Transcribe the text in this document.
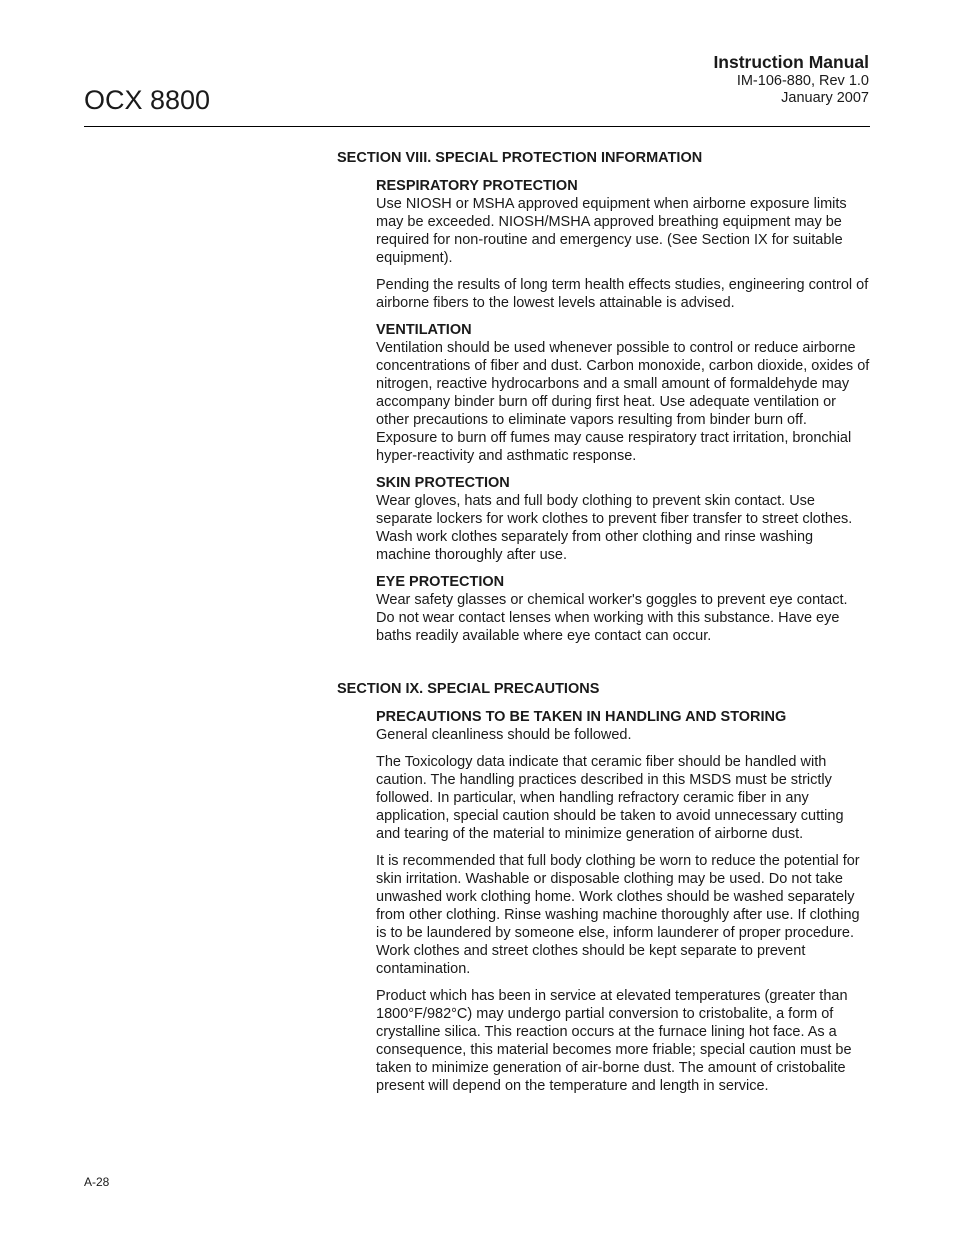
OCX 8800
Instruction Manual
IM-106-880, Rev 1.0
January 2007
SECTION VIII. SPECIAL PROTECTION INFORMATION
RESPIRATORY PROTECTION

Use NIOSH or MSHA approved equipment when airborne exposure limits may be exceeded. NIOSH/MSHA approved breathing equipment may be required for non-routine and emergency use. (See Section IX for suitable equipment).

Pending the results of long term health effects studies, engineering control of airborne fibers to the lowest levels attainable is advised.

VENTILATION

Ventilation should be used whenever possible to control or reduce airborne concentrations of fiber and dust. Carbon monoxide, carbon dioxide, oxides of nitrogen, reactive hydrocarbons and a small amount of formaldehyde may accompany binder burn off during first heat. Use adequate ventilation or other precautions to eliminate vapors resulting from binder burn off. Exposure to burn off fumes may cause respiratory tract irritation, bronchial hyper-reactivity and asthmatic response.

SKIN PROTECTION

Wear gloves, hats and full body clothing to prevent skin contact. Use separate lockers for work clothes to prevent fiber transfer to street clothes. Wash work clothes separately from other clothing and rinse washing machine thoroughly after use.

EYE PROTECTION

Wear safety glasses or chemical worker's goggles to prevent eye contact. Do not wear contact lenses when working with this substance. Have eye baths readily available where eye contact can occur.

SECTION IX. SPECIAL PRECAUTIONS
PRECAUTIONS TO BE TAKEN IN HANDLING AND STORING

General cleanliness should be followed.

The Toxicology data indicate that ceramic fiber should be handled with caution. The handling practices described in this MSDS must be strictly followed. In particular, when handling refractory ceramic fiber in any application, special caution should be taken to avoid unnecessary cutting and tearing of the material to minimize generation of airborne dust.

It is recommended that full body clothing be worn to reduce the potential for skin irritation. Washable or disposable clothing may be used. Do not take unwashed work clothing home. Work clothes should be washed separately from other clothing. Rinse washing machine thoroughly after use. If clothing is to be laundered by someone else, inform launderer of proper procedure. Work clothes and street clothes should be kept separate to prevent contamination.

Product which has been in service at elevated temperatures (greater than 1800°F/982°C) may undergo partial conversion to cristobalite, a form of crystalline silica. This reaction occurs at the furnace lining hot face. As a consequence, this material becomes more friable; special caution must be taken to minimize generation of air-borne dust. The amount of cristobalite present will depend on the temperature and length in service.

A-28
